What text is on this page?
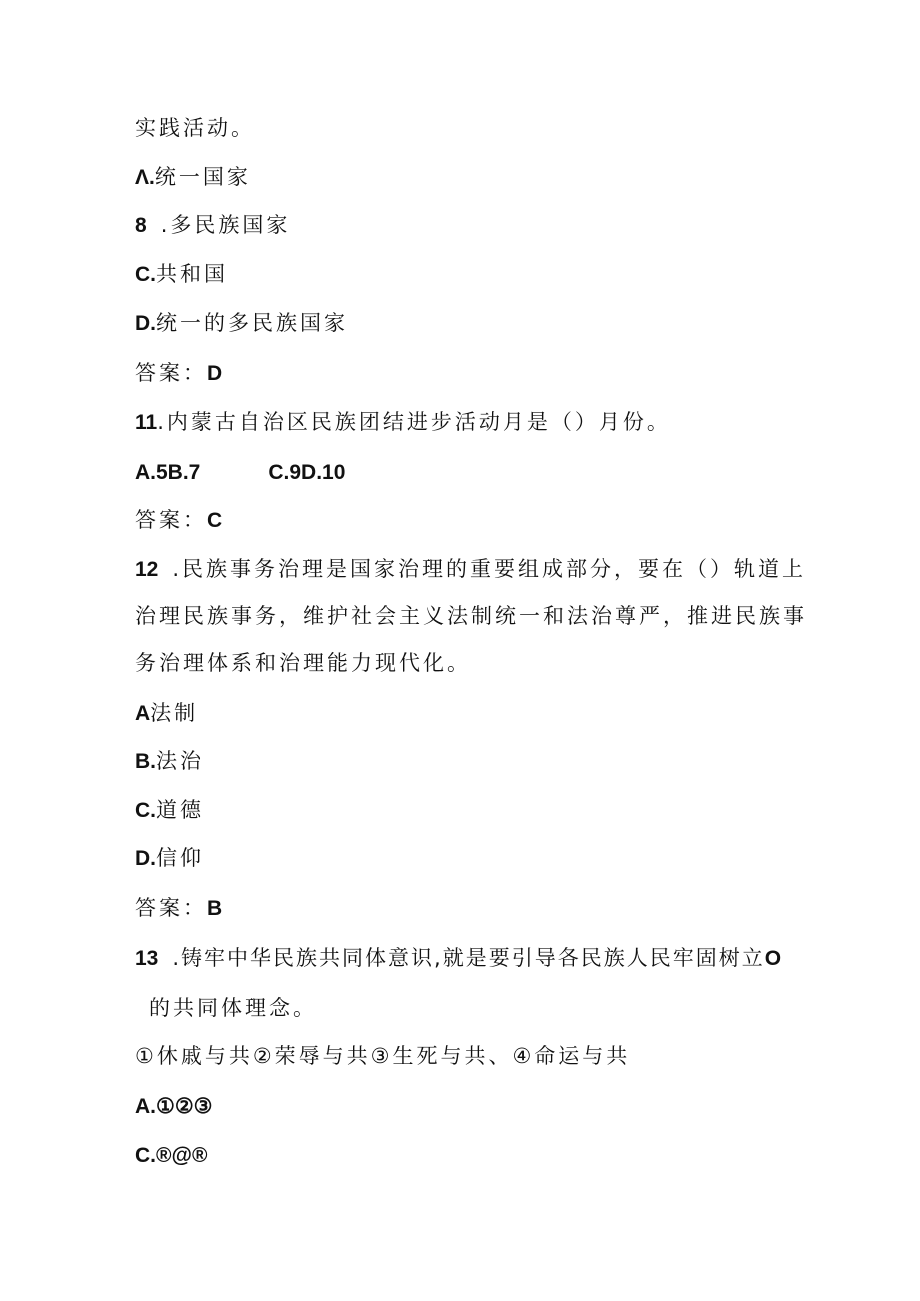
实践活动。
Λ.统一国家
8 .多民族国家
C.共和国
D.统一的多民族国家
答案：D
11.内蒙古自治区民族团结进步活动月是（）月份。
A.5B.7	C.9D.10
答案：C
12 .民族事务治理是国家治理的重要组成部分，要在（）轨道上
治理民族事务，维护社会主义法制统一和法治尊严，推进民族事
务治理体系和治理能力现代化。
A法制
B.法治
C.道德
D.信仰
答案：B
13 .铸牢中华民族共同体意识,就是要引导各民族人民牢固树立O
的共同体理念。
①休戚与共②荣辱与共③生死与共、④命运与共
A.①②③
C.®@®
